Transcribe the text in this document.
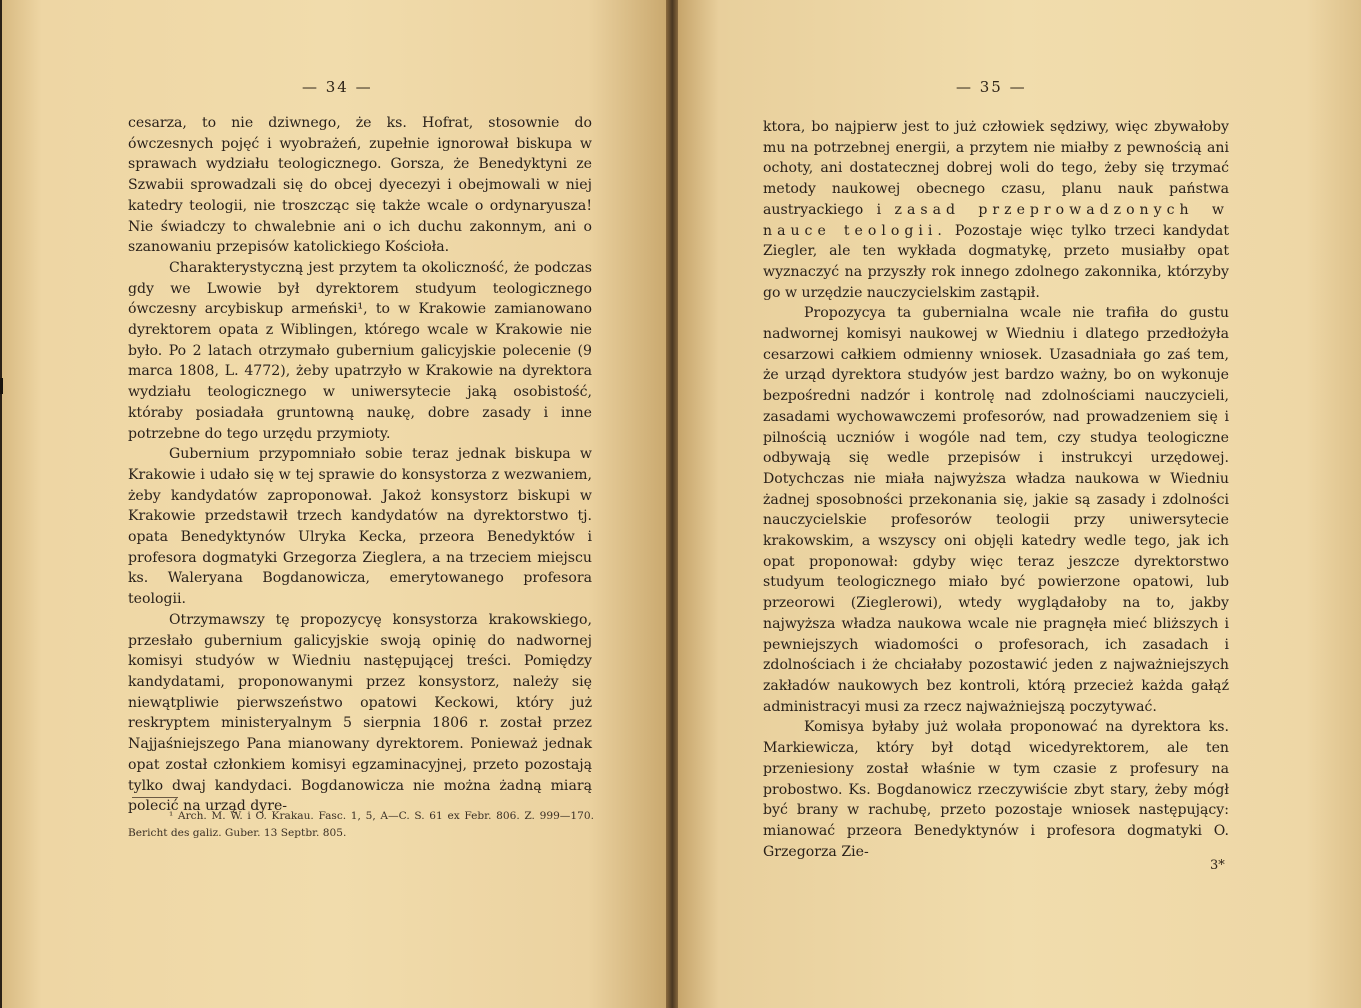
— 34 —

cesarza, to nie dziwnego, że ks. Hofrat, stosownie do ówczesnych pojęć i wyobrażeń, zupełnie ignorował biskupa w sprawach wydziału teologicznego. Gorsza, że Benedyktyni ze Szwabii sprowadzali się do obcej dyecezyi i obejmowali w niej katedry teologii, nie troszcząc się także wcale o ordynaryusza! Nie świadczy to chwalebnie ani o ich duchu zakonnym, ani o szanowaniu przepisów katolickiego Kościoła.

Charakterystyczną jest przytem ta okoliczność, że podczas gdy we Lwowie był dyrektorem studyum teologicznego ówczesny arcybiskup armeński¹, to w Krakowie zamianowano dyrektorem opata z Wiblingen, którego wcale w Krakowie nie było. Po 2 latach otrzymało gubernium galicyjskie polecenie (9 marca 1808, L. 4772), żeby upatrzyło w Krakowie na dyrektora wydziału teologicznego w uniwersytecie jaką osobistość, któraby posiadała gruntowną naukę, dobre zasady i inne potrzebne do tego urzędu przymioty.

Gubernium przypomniało sobie teraz jednak biskupa w Krakowie i udało się w tej sprawie do konsystorza z wezwaniem, żeby kandydatów zaproponował. Jakoż konsystorz biskupi w Krakowie przedstawił trzech kandydatów na dyrektorstwo tj. opata Benedyktynów Ulryka Kecka, przeora Benedyktów i profesora dogmatyki Grzegorza Zieglera, a na trzeciem miejscu ks. Waleryana Bogdanowicza, emerytowanego profesora teologii.

Otrzymawszy tę propozycyę konsystorza krakowskiego, przesłało gubernium galicyjskie swoją opinię do nadwornej komisyi studyów w Wiedniu następującej treści. Pomiędzy kandydatami, proponowanymi przez konsystorz, należy się niewątpliwie pierwszeństwo opatowi Keckowi, który już reskryptem ministeryalnym 5 sierpnia 1806 r. został przez Najjaśniejszego Pana mianowany dyrektorem. Ponieważ jednak opat został członkiem komisyi egzaminacyjnej, przeto pozostają tylko dwaj kandydaci. Bogdanowicza nie można żadną miarą polecić na urząd dyre-

¹ Arch. M. W. i O. Krakau. Fasc. 1, 5, A—C. S. 61 ex Febr. 806. Z. 999—170. Bericht des galiz. Guber. 13 Septbr. 805.

— 35 —

ktora, bo najpierw jest to już człowiek sędziwy, więc zbywałoby mu na potrzebnej energii, a przytem nie miałby z pewnością ani ochoty, ani dostatecznej dobrej woli do tego, żeby się trzymać metody naukowej obecnego czasu, planu nauk państwa austryackiego i zasad przeprowadzonych w nauce teologii. Pozostaje więc tylko trzeci kandydat Ziegler, ale ten wykłada dogmatykę, przeto musiałby opat wyznaczyć na przyszły rok innego zdolnego zakonnika, którzyby go w urzędzie nauczycielskim zastąpił.

Propozycya ta gubernialna wcale nie trafiła do gustu nadwornej komisyi naukowej w Wiedniu i dlatego przedłożyła cesarzowi całkiem odmienny wniosek. Uzasadniała go zaś tem, że urząd dyrektora studyów jest bardzo ważny, bo on wykonuje bezpośredni nadzór i kontrolę nad zdolnościami nauczycieli, zasadami wychowawczemi profesorów, nad prowadzeniem się i pilnością uczniów i wogóle nad tem, czy studya teologiczne odbywają się wedle przepisów i instrukcyi urzędowej. Dotychczas nie miała najwyższa władza naukowa w Wiedniu żadnej sposobności przekonania się, jakie są zasady i zdolności nauczycielskie profesorów teologii przy uniwersytecie krakowskim, a wszyscy oni objęli katedry wedle tego, jak ich opat proponował: gdyby więc teraz jeszcze dyrektorstwo studyum teologicznego miało być powierzone opatowi, lub przeorowi (Zieglerowi), wtedy wyglądałoby na to, jakby najwyższa władza naukowa wcale nie pragnęła mieć bliższych i pewniejszych wiadomości o profesorach, ich zasadach i zdolnościach i że chciałaby pozostawić jeden z najważniejszych zakładów naukowych bez kontroli, którą przecież każda gałąź administracyi musi za rzecz najważniejszą poczytywać.

Komisya byłaby już wolała proponować na dyrektora ks. Markiewicza, który był dotąd wicedyrektorem, ale ten przeniesiony został właśnie w tym czasie z profesury na probostwo. Ks. Bogdanowicz rzeczywiście zbyt stary, żeby mógł być brany w rachubę, przeto pozostaje wniosek następujący: mianować przeora Benedyktynów i profesora dogmatyki O. Grzegorza Zie-

3*
